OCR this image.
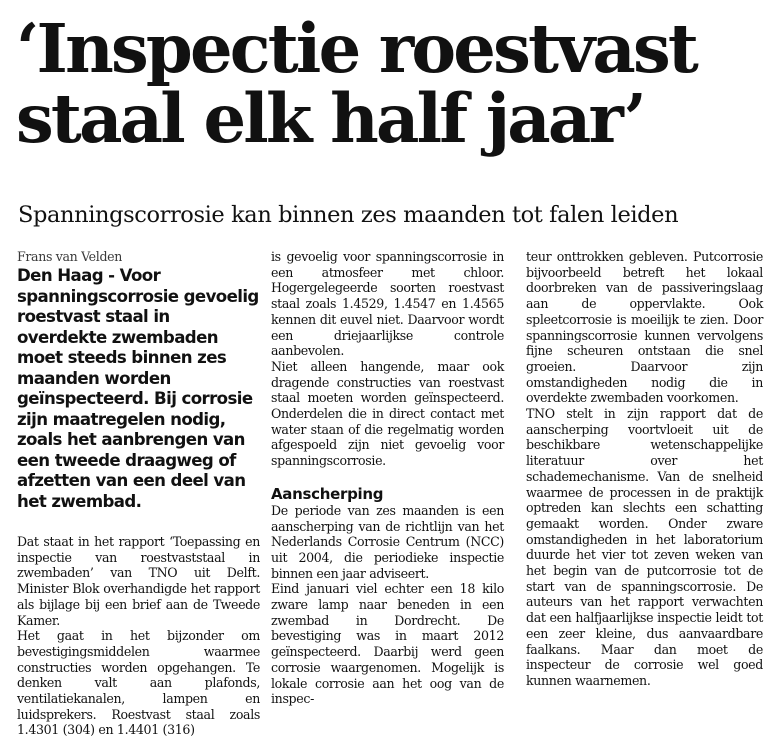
‘Inspectie roestvast
staal elk half jaar’
Spanningscorrosie kan binnen zes maanden tot falen leiden
Frans van Velden
Den Haag - Voor spanningscorrosie gevoelig roestvast staal in overdekte zwembaden moet steeds binnen zes maanden worden geïnspecteerd. Bij corrosie zijn maatregelen nodig, zoals het aanbrengen van een tweede draagweg of afzetten van een deel van het zwembad.

Dat staat in het rapport ‘Toepassing en inspectie van roestvaststaal in zwembaden’ van TNO uit Delft. Minister Blok overhandigde het rapport als bijlage bij een brief aan de Tweede Kamer.

Het gaat in het bijzonder om bevestigingsmiddelen waarmee constructies worden opgehangen. Te denken valt aan plafonds, ventilatiekanalen, lampen en luidsprekers. Roestvast staal zoals 1.4301 (304) en 1.4401 (316)

is gevoelig voor spanningscorrosie in een atmosfeer met chloor. Hogergelegeerde soorten roestvast staal zoals 1.4529, 1.4547 en 1.4565 kennen dit euvel niet. Daarvoor wordt een driejaarlijkse controle aanbevolen.

Niet alleen hangende, maar ook dragende constructies van roestvast staal moeten worden geïnspecteerd. Onderdelen die in direct contact met water staan of die regelmatig worden afgespoeld zijn niet gevoelig voor spanningscorrosie.

Aanscherping

De periode van zes maanden is een aanscherping van de richtlijn van het Nederlands Corrosie Centrum (NCC) uit 2004, die periodieke inspectie binnen een jaar adviseert.

Eind januari viel echter een 18 kilo zware lamp naar beneden in een zwembad in Dordrecht. De bevestiging was in maart 2012 geïnspecteerd. Daarbij werd geen corrosie waargenomen. Mogelijk is lokale corrosie aan het oog van de inspec-

teur onttrokken gebleven. Putcorrosie bijvoorbeeld betreft het lokaal doorbreken van de passiveringslaag aan de oppervlakte. Ook spleetcorrosie is moeilijk te zien. Door spanningscorrosie kunnen vervolgens fijne scheuren ontstaan die snel groeien. Daarvoor zijn omstandigheden nodig die in overdekte zwembaden voorkomen.

TNO stelt in zijn rapport dat de aanscherping voortvloeit uit de beschikbare wetenschappelijke literatuur over het schademechanisme. Van de snelheid waarmee de processen in de praktijk optreden kan slechts een schatting gemaakt worden. Onder zware omstandigheden in het laboratorium duurde het vier tot zeven weken van het begin van de putcorrosie tot de start van de spanningscorrosie. De auteurs van het rapport verwachten dat een halfjaarlijkse inspectie leidt tot een zeer kleine, dus aanvaardbare faalkans. Maar dan moet de inspecteur de corrosie wel goed kunnen waarnemen.
